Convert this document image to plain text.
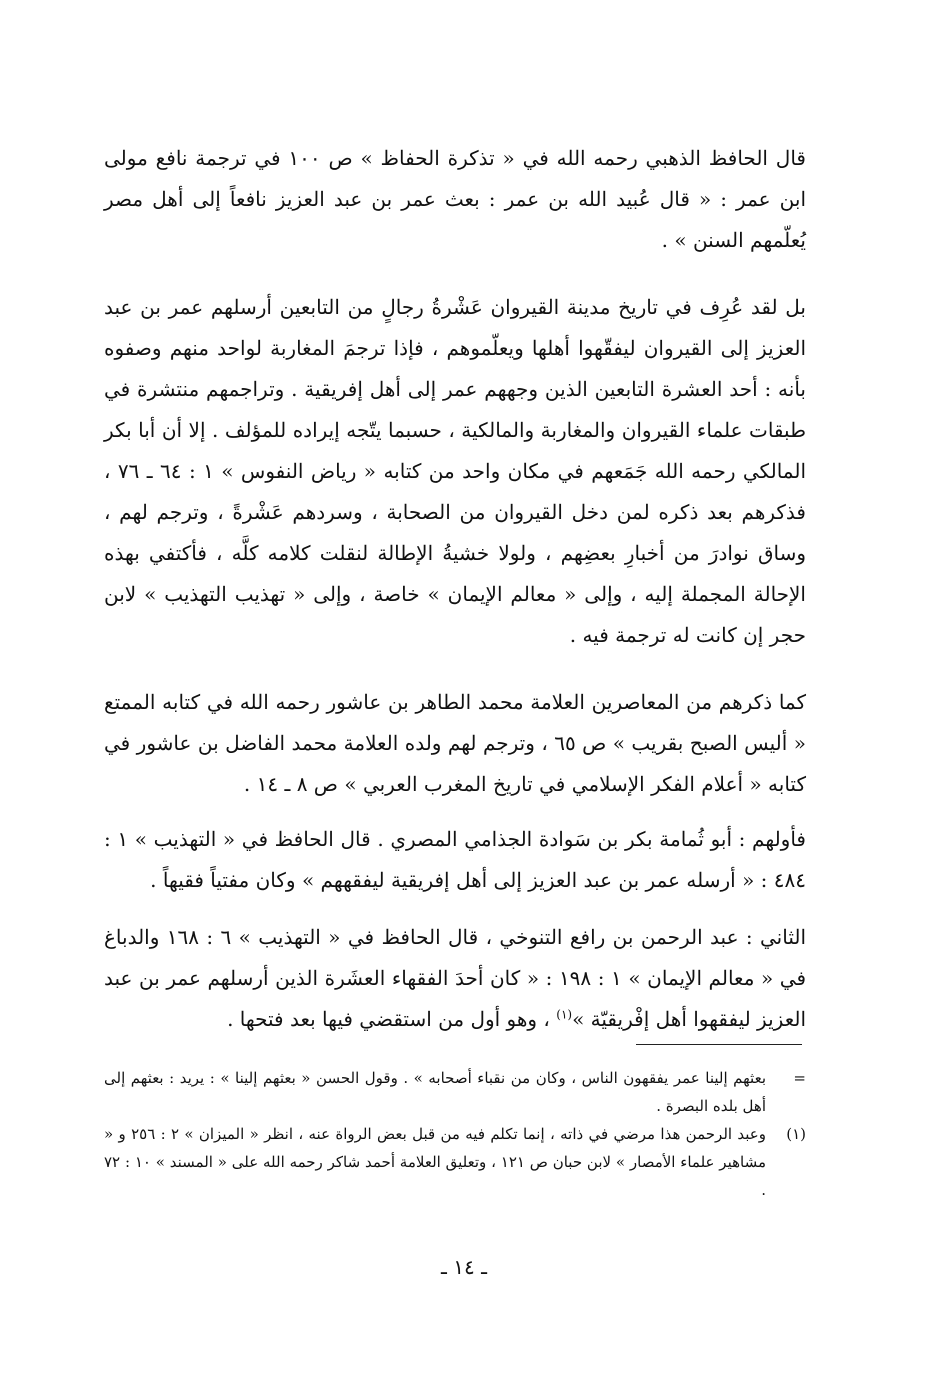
قال الحافظ الذهبي رحمه الله في « تذكرة الحفاظ » ص ١٠٠ في ترجمة نافع مولى ابن عمر : « قال عُبيد الله بن عمر : بعث عمر بن عبد العزيز نافعاً إلى أهل مصر يُعلّمهم السنن » .

بل لقد عُرِف في تاريخ مدينة القيروان عَشْرةُ رجالٍ من التابعين أرسلهم عمر بن عبد العزيز إلى القيروان ليفقّهوا أهلها ويعلّموهم ، فإذا ترجمَ المغاربة لواحد منهم وصفوه بأنه : أحد العشرة التابعين الذين وجههم عمر إلى أهل إفريقية . وتراجمهم منتشرة في طبقات علماء القيروان والمغاربة والمالكية ، حسبما يتّجه إيراده للمؤلف . إلا أن أبا بكر المالكي رحمه الله جَمَعهم في مكان واحد من كتابه « رياض النفوس » ١ : ٦٤ ـ ٧٦ ، فذكرهم بعد ذكره لمن دخل القيروان من الصحابة ، وسردهم عَشْرةً ، وترجم لهم ، وساق نوادرَ من أخبارِ بعضِهم ، ولولا خشيةُ الإطالة لنقلت كلامه كلَّه ، فأكتفي بهذه الإحالة المجملة إليه ، وإلى « معالم الإيمان » خاصة ، وإلى « تهذيب التهذيب » لابن حجر إن كانت له ترجمة فيه .

كما ذكرهم من المعاصرين العلامة محمد الطاهر بن عاشور رحمه الله في كتابه الممتع « أليس الصبح بقريب » ص ٦٥ ، وترجم لهم ولده العلامة محمد الفاضل بن عاشور في كتابه « أعلام الفكر الإسلامي في تاريخ المغرب العربي » ص ٨ ـ ١٤ .

فأولهم : أبو ثُمامة بكر بن سَوادة الجذامي المصري . قال الحافظ في « التهذيب » ١ : ٤٨٤ : « أرسله عمر بن عبد العزيز إلى أهل إفريقية ليفقههم » وكان مفتياً فقيهاً .

الثاني : عبد الرحمن بن رافع التنوخي ، قال الحافظ في « التهذيب » ٦ : ١٦٨ والدباغ في « معالم الإيمان » ١ : ١٩٨ : « كان أحدَ الفقهاء العشَرة الذين أرسلهم عمر بن عبد العزيز ليفقهوا أهل إفْريقيّة »$^{(١)}$ ، وهو أول من استقضي فيها بعد فتحها .

=
بعثهم إلينا عمر يفقهون الناس ، وكان من نقباء أصحابه » . وقول الحسن « بعثهم إلينا » : يريد : بعثهم إلى أهل بلده البصرة .
(١)
وعبد الرحمن هذا مرضي في ذاته ، إنما تكلم فيه من قبل بعض الرواة عنه ، انظر « الميزان » ٢ : ٢٥٦ و « مشاهير علماء الأمصار » لابن حبان ص ١٢١ ، وتعليق العلامة أحمد شاكر رحمه الله على « المسند » ١٠ : ٧٢ .
ـ ١٤ ـ
